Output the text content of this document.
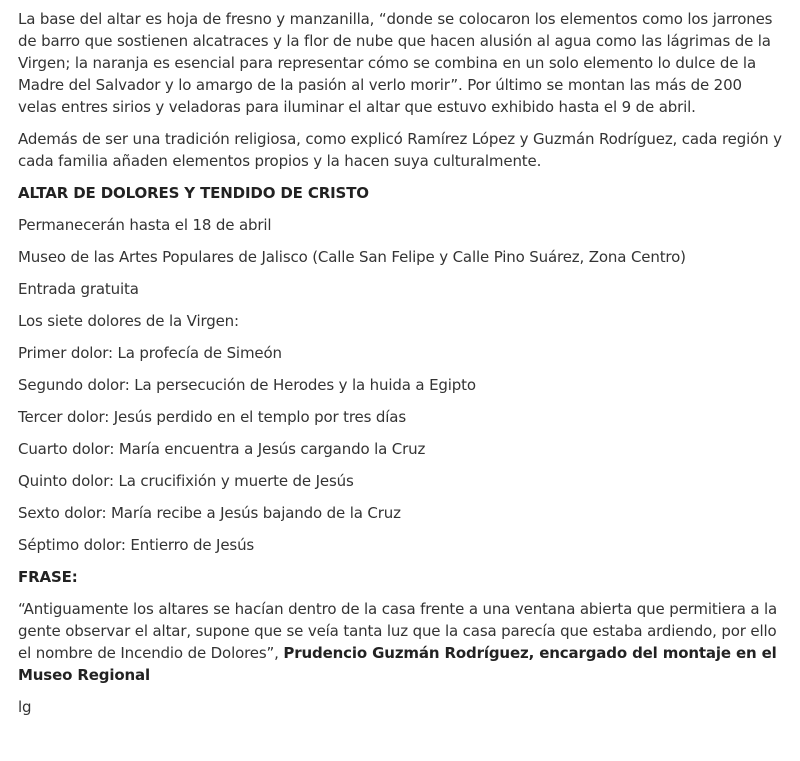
La base del altar es hoja de fresno y manzanilla, “donde se colocaron los elementos como los jarrones de barro que sostienen alcatraces y la flor de nube que hacen alusión al agua como las lágrimas de la Virgen; la naranja es esencial para representar cómo se combina en un solo elemento lo dulce de la Madre del Salvador y lo amargo de la pasión al verlo morir”. Por último se montan las más de 200 velas entres sirios y veladoras para iluminar el altar que estuvo exhibido hasta el 9 de abril.

Además de ser una tradición religiosa, como explicó Ramírez López y Guzmán Rodríguez, cada región y cada familia añaden elementos propios y la hacen suya culturalmente.

ALTAR DE DOLORES Y TENDIDO DE CRISTO

Permanecerán hasta el 18 de abril

Museo de las Artes Populares de Jalisco (Calle San Felipe y Calle Pino Suárez, Zona Centro)

Entrada gratuita

Los siete dolores de la Virgen:

Primer dolor: La profecía de Simeón

Segundo dolor: La persecución de Herodes y la huida a Egipto

Tercer dolor: Jesús perdido en el templo por tres días

Cuarto dolor: María encuentra a Jesús cargando la Cruz

Quinto dolor: La crucifixión y muerte de Jesús

Sexto dolor: María recibe a Jesús bajando de la Cruz

Séptimo dolor: Entierro de Jesús

FRASE:

“Antiguamente los altares se hacían dentro de la casa frente a una ventana abierta que permitiera a la gente observar el altar, supone que se veía tanta luz que la casa parecía que estaba ardiendo, por ello el nombre de Incendio de Dolores”, Prudencio Guzmán Rodríguez, encargado del montaje en el Museo Regional

lg
